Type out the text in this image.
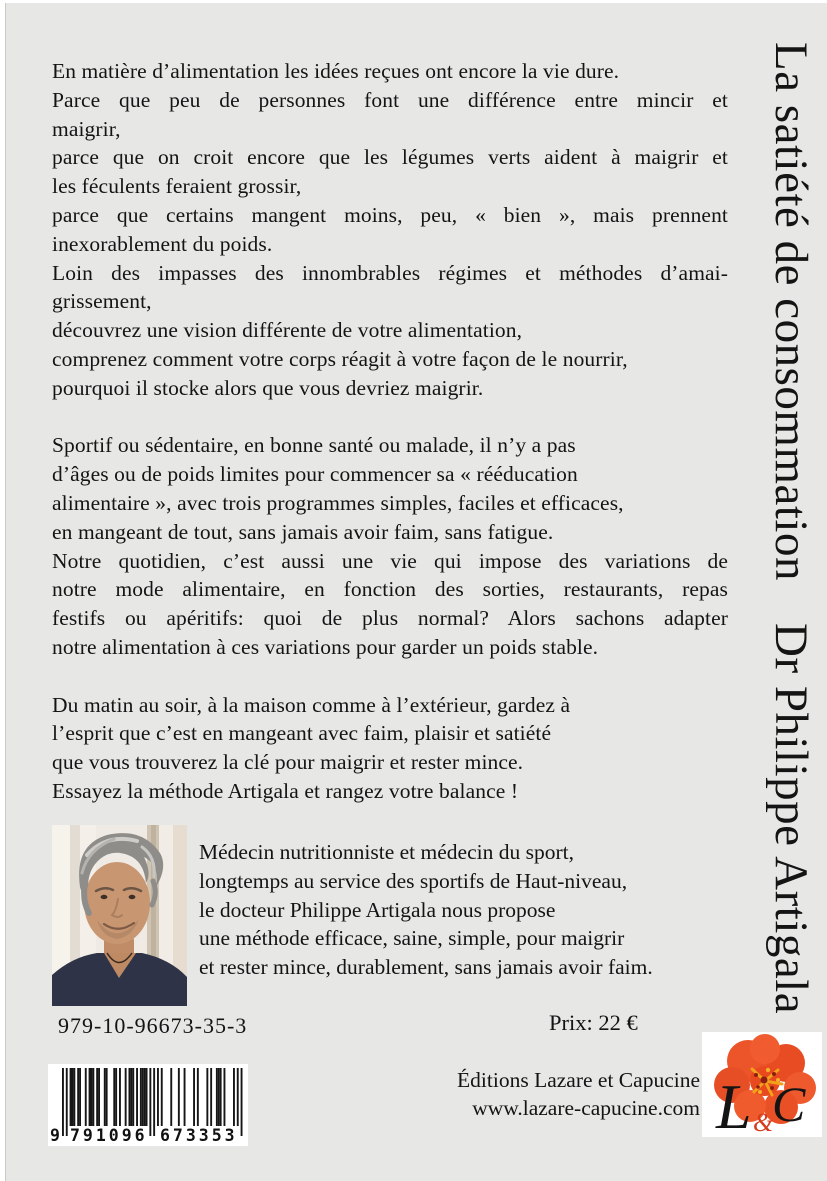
En matière d’alimentation les idées reçues ont encore la vie dure.
Parce que peu de personnes font une différence entre mincir et
maigrir,
parce que on croit encore que les légumes verts aident à maigrir et
les féculents feraient grossir,
parce que certains mangent moins, peu, « bien », mais prennent
inexorablement du poids.
Loin des impasses des innombrables régimes et méthodes d’amai-
grissement,
découvrez une vision différente de votre alimentation,
comprenez comment votre corps réagit à votre façon de le nourrir,
pourquoi il stocke alors que vous devriez maigrir.
Sportif ou sédentaire, en bonne santé ou malade, il n’y a pas
d’âges ou de poids limites pour commencer sa « rééducation
alimentaire », avec trois programmes simples, faciles et efficaces,
en mangeant de tout, sans jamais avoir faim, sans fatigue.
Notre quotidien, c’est aussi une vie qui impose des variations de
notre mode alimentaire, en fonction des sorties, restaurants, repas
festifs ou apéritifs: quoi de plus normal? Alors sachons adapter
notre alimentation à ces variations pour garder un poids stable.
Du matin au soir, à la maison comme à l’extérieur, gardez à
l’esprit que c’est en mangeant avec faim, plaisir et satiété
que vous trouverez la clé pour maigrir et rester mince.
Essayez la méthode Artigala et rangez votre balance !
Médecin nutritionniste et médecin du sport,
longtemps au service des sportifs de Haut-niveau,
le docteur Philippe Artigala nous propose
une méthode efficace, saine, simple, pour maigrir
et rester mince, durablement, sans jamais avoir faim.
979-10-96673-35-3	Prix: 22 €
9 791096 673353
Éditions Lazare et Capucine
www.lazare-capucine.com L &
C
La satiété de consommationDr Philippe Artigala
